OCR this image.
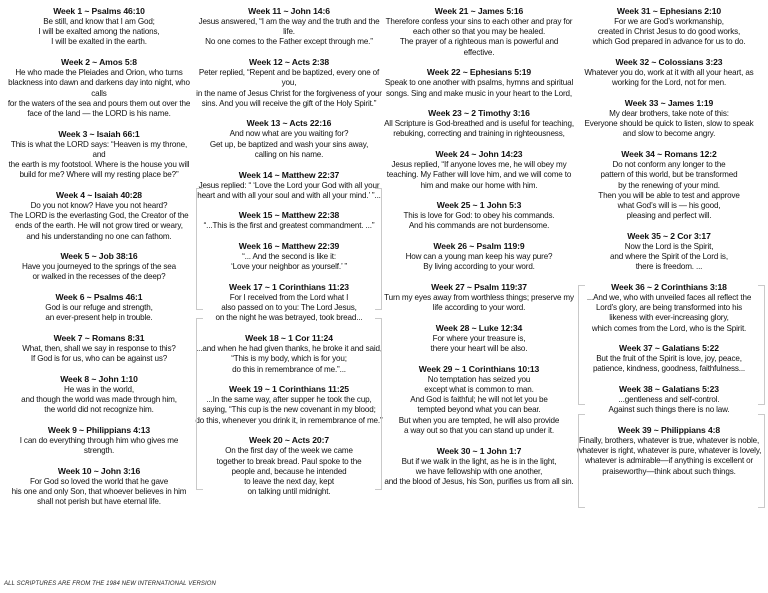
Week 1 ~ Psalms 46:10
Be still, and know that I am God;
I will be exalted among the nations,
I will be exalted in the earth.
Week 2 ~ Amos 5:8
He who made the Pleiades and Orion, who turns
blackness into dawn and darkens day into night, who calls
for the waters of the sea and pours them out over the
face of the land — the LORD is his name.
Week 3 ~ Isaiah 66:1
This is what the LORD says: “Heaven is my throne, and
the earth is my footstool. Where is the house you will
build for me? Where will my resting place be?”
Week 4 ~ Isaiah 40:28
Do you not know? Have you not heard?
The LORD is the everlasting God, the Creator of the
ends of the earth. He will not grow tired or weary,
and his understanding no one can fathom.
Week 5 ~ Job 38:16
Have you journeyed to the springs of the sea
or walked in the recesses of the deep?
Week 6 ~ Psalms 46:1
God is our refuge and strength,
an ever-present help in trouble.
Week 7 ~ Romans 8:31
What, then, shall we say in response to this?
If God is for us, who can be against us?
Week 8 ~ John 1:10
He was in the world,
and though the world was made through him,
the world did not recognize him.
Week 9 ~ Philippians 4:13
I can do everything through him who gives me strength.
Week 10 ~ John 3:16
For God so loved the world that he gave
his one and only Son, that whoever believes in him
shall not perish but have eternal life.
Week 11 ~ John 14:6
Jesus answered, “I am the way and the truth and the life.
No one comes to the Father except through me.”
Week 12 ~ Acts 2:38
Peter replied, “Repent and be baptized, every one of you,
in the name of Jesus Christ for the forgiveness of your
sins. And you will receive the gift of the Holy Spirit.”
Week 13 ~ Acts 22:16
And now what are you waiting for?
Get up, be baptized and wash your sins away,
calling on his name.
Week 14 ~ Matthew 22:37
Jesus replied: “ ‘Love the Lord your God with all your
heart and with all your soul and with all your mind.’ ”...
Week 15 ~ Matthew 22:38
“...This is the first and greatest commandment. ...”
Week 16 ~ Matthew 22:39
“... And the second is like it:
‘Love your neighbor as yourself.’ ”
Week 17 ~ 1 Corinthians 11:23
For I received from the Lord what I
also passed on to you: The Lord Jesus,
on the night he was betrayed, took bread...
Week 18 ~ 1 Cor 11:24
...and when he had given thanks, he broke it and said,
“This is my body, which is for you;
do this in remembrance of me.”...
Week 19 ~ 1 Corinthians 11:25
...In the same way, after supper he took the cup,
saying, “This cup is the new covenant in my blood;
do this, whenever you drink it, in remembrance of me.”
Week 20 ~ Acts 20:7
On the first day of the week we came
together to break bread. Paul spoke to the
people and, because he intended
to leave the next day, kept
on talking until midnight.
Week 21 ~ James 5:16
Therefore confess your sins to each other and pray for
each other so that you may be healed.
The prayer of a righteous man is powerful and effective.
Week 22 ~ Ephesians 5:19
Speak to one another with psalms, hymns and spiritual
songs. Sing and make music in your heart to the Lord,
Week 23 ~ 2 Timothy 3:16
All Scripture is God-breathed and is useful for teaching,
rebuking, correcting and training in righteousness,
Week 24 ~ John 14:23
Jesus replied, “If anyone loves me, he will obey my
teaching. My Father will love him, and we will come to
him and make our home with him.
Week 25 ~ 1 John 5:3
This is love for God: to obey his commands.
And his commands are not burdensome.
Week 26 ~ Psalm 119:9
How can a young man keep his way pure?
By living according to your word.
Week 27 ~ Psalm 119:37
Turn my eyes away from worthless things; preserve my
life according to your word.
Week 28 ~ Luke 12:34
For where your treasure is,
there your heart will be also.
Week 29 ~ 1 Corinthians 10:13
No temptation has seized you
except what is common to man.
And God is faithful; he will not let you be
tempted beyond what you can bear.
But when you are tempted, he will also provide
a way out so that you can stand up under it.
Week 30 ~ 1 John 1:7
But if we walk in the light, as he is in the light,
we have fellowship with one another,
and the blood of Jesus, his Son, purifies us from all sin.
Week 31 ~ Ephesians 2:10
For we are God’s workmanship,
created in Christ Jesus to do good works,
which God prepared in advance for us to do.
Week 32 ~ Colossians 3:23
Whatever you do, work at it with all your heart, as
working for the Lord, not for men.
Week 33 ~ James 1:19
My dear brothers, take note of this:
Everyone should be quick to listen, slow to speak
and slow to become angry.
Week 34 ~ Romans 12:2
Do not conform any longer to the
pattern of this world, but be transformed
by the renewing of your mind.
Then you will be able to test and approve
what God’s will is — his good,
pleasing and perfect will.
Week 35 ~ 2 Cor 3:17
Now the Lord is the Spirit,
and where the Spirit of the Lord is,
there is freedom. ...
Week 36 ~ 2 Corinthians 3:18
...And we, who with unveiled faces all reflect the
Lord’s glory, are being transformed into his
likeness with ever-increasing glory,
which comes from the Lord, who is the Spirit.
Week 37 ~ Galatians 5:22
But the fruit of the Spirit is love, joy, peace,
patience, kindness, goodness, faithfulness...
Week 38 ~ Galatians 5:23
...gentleness and self-control.
Against such things there is no law.
Week 39 ~ Philippians 4:8
Finally, brothers, whatever is true, whatever is noble,
whatever is right, whatever is pure, whatever is lovely,
whatever is admirable—if anything is excellent or
praiseworthy—think about such things.
ALL SCRIPTURES ARE FROM THE 1984 NEW INTERNATIONAL VERSION
